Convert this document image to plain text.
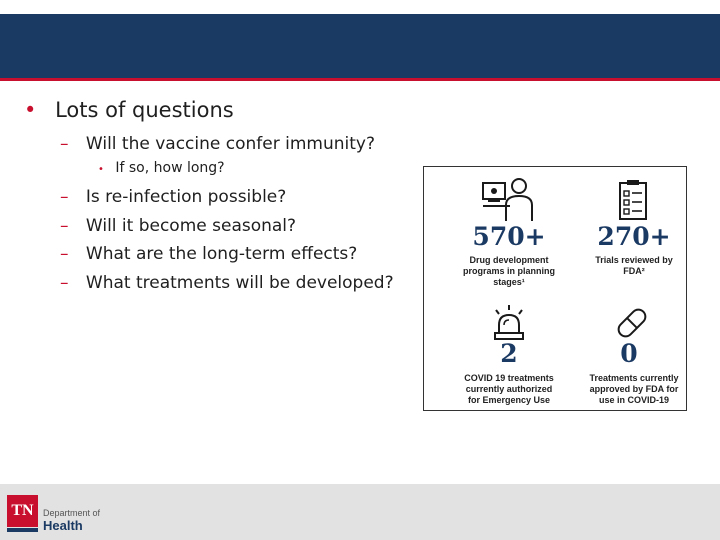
• Lots of questions
– Will the vaccine confer immunity?
• If so, how long?
– Is re-infection possible?
– Will it become seasonal?
– What are the long-term effects?
– What treatments will be developed?
570+
Drug development
programs in planning
stages¹
270+
Trials reviewed by
FDA²
2
COVID 19 treatments
currently authorized
for Emergency Use
0
Treatments currently
approved by FDA for
use in COVID-19
TN	Department of
Health
